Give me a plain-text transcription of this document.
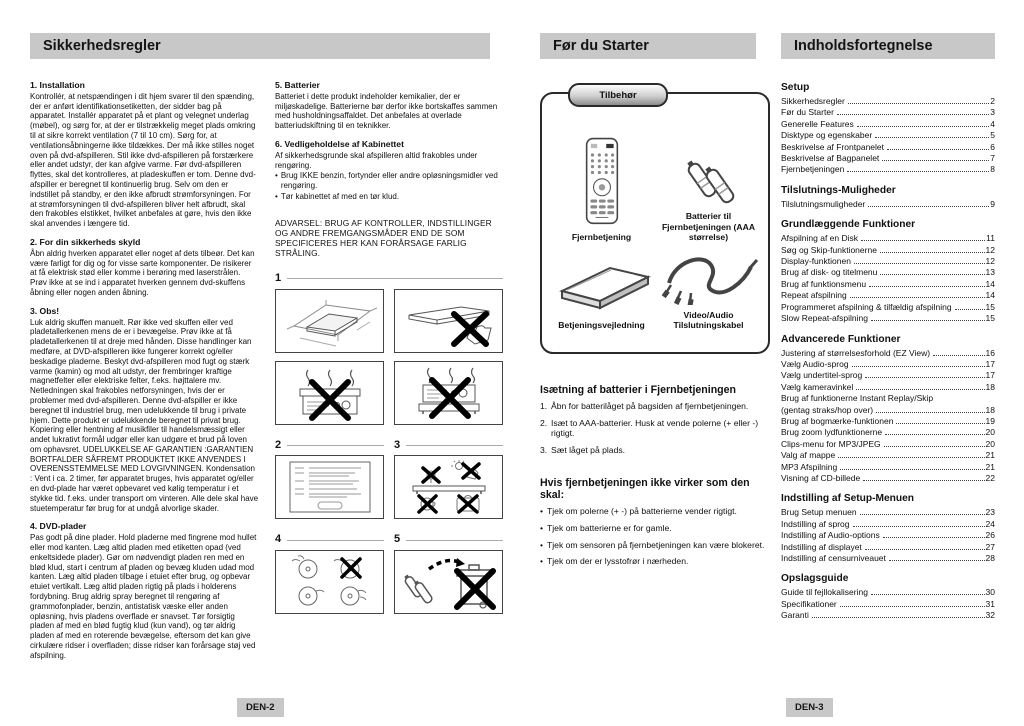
Sikkerhedsregler	Før du Starter	Indholdsfortegnelse
1. Installation
Kontrollér, at netspændingen i dit hjem svarer til den spænding, der er anført identifikationsetiketten, der sidder bag på apparatet. Installér apparatet på et plant og velegnet underlag (møbel), og sørg for, at der er tilstrækkelig meget plads omkring til at sikre korrekt ventilation (7 til 10 cm). Sørg for, at ventilationsåbningerne ikke tildækkes. Der må ikke stilles noget oven på dvd-afspilleren. Stil ikke dvd-afspilleren på forstærkere eller andet udstyr, der kan afgive varme. Før dvd-afspilleren flyttes, skal det kontrolleres, at pladeskuffen er tom. Denne dvd-afspiller er beregnet til kontinuerlig brug. Selv om den er indstillet på standby, er den ikke afbrudt strømforsyningen. For at strømforsyningen til dvd-afspilleren bliver helt afbrudt, skal den frakobles elstikket, hvilket anbefales at gøre, hvis den ikke skal anvendes i længere tid.
2. For din sikkerheds skyld
Åbn aldrig hverken apparatet eller noget af dets tilbeør. Det kan være farligt for dig og for visse sarte komponenter. De risikerer at få elektrisk stød eller komme i berøring med laserstrålen. Prøv ikke at se ind i apparatet hverken gennem dvd-skuffens åbning eller nogen anden åbning.
3. Obs!
Luk aldrig skuffen manuelt. Rør ikke ved skuffen eller ved pladetallerkenen mens de er i bevægelse. Prøv ikke at få pladetallerkenen til at dreje med hånden. Disse handlinger kan medføre, at DVD-afspilleren ikke fungerer korrekt og/eller beskadige pladerne. Beskyt dvd-afspilleren mod fugt og stærk varme (kamin) og mod alt udstyr, der frembringer kraftige magnetfelter eller elektriske felter, f.eks. højttalere mv. Netledningen skal frakobles netforsyningen, hvis der er problemer med dvd-afspilleren. Denne dvd-afspiller er ikke beregnet til industriel brug, men udelukkende til brug i private hjem. Dette produkt er udelukkende beregnet til privat brug. Kopiering eller hentning af musikfiler til handelsmæssigt eller andet lukrativt formål udgør eller kan udgøre et brud på loven om ophavsret. UDELUKKELSE AF GARANTIEN :GARANTIEN BORTFALDER SÅFREMT PRODUKTET IKKE ANVENDES I OVERENSSTEMMELSE MED LOVGIVNINGEN. Kondensation : Vent i ca. 2 timer, før apparatet bruges, hvis apparatet og/eller en dvd-plade har været opbevaret ved kølig temperatur i et stykke tid. f.eks. under transport om vinteren. Alle dele skal have stuetemperatur før brug for at undgå alvorlige skader.
4. DVD-plader
Pas godt på dine plader. Hold pladerne med fingrene mod hullet eller mod kanten. Læg altid pladen med etiketten opad (ved enkeltsidede plader). Gør om nødvendigt pladen ren med en blød klud, start i centrum af pladen og bevæg kluden udad mod kanten. Læg altid pladen tilbage i etuiet efter brug, og opbevar etuiet vertikalt. Læg altid pladen rigtig på plads i holderens fordybning. Brug aldrig spray beregnet til rengøring af grammofonplader, benzin, antistatisk væske eller anden opløsning, hvis pladens overflade er snavset. Tør forsigtig pladen af med en blød fugtig klud (kun vand), og tør aldrig pladen af med en roterende bevægelse, eftersom det kan give cirkulære ridser i overfladen; disse ridser kan forårsage støj ved afspilning.
5. Batterier
Batteriet i dette produkt indeholder kemikalier, der er miljøskadelige. Batterierne bør derfor ikke bortskaffes sammen med husholdningsaffaldet. Det anbefales at overlade batteriudskiftning til en teknikker.
6. Vedligeholdelse af Kabinettet
Af sikkerhedsgrunde skal afspilleren altid frakobles under rengøring.
• Brug IKKE benzin, fortynder eller andre opløsningsmidler ved rengøring.
• Tør kabinettet af med en tør klud.
ADVARSEL: BRUG AF KONTROLLER, INDSTILLINGER OG ANDRE FREMGANGSMÅDER END DE SOM SPECIFICERES HER KAN FORÅRSAGE FARLIG STRÅLING.
1
2	3
4	5
Tilbehør
Fjernbetjening
Batterier til Fjernbetjeningen (AAA størrelse)
Betjeningsvejledning
Video/Audio Tilslutningskabel
Isætning af batterier i Fjernbetjeningen
1. Åbn for batterilåget på bagsiden af fjernbetjeningen.
2. Isæt to AAA-batterier. Husk at vende polerne (+ eller -) rigtigt.
3. Sæt låget på plads.
Hvis fjernbetjeningen ikke virker som den skal:
• Tjek om polerne (+ -) på batterierne vender rigtigt.
• Tjek om batterierne er for gamle.
• Tjek om sensoren på fjernbetjeningen kan være blokeret.
• Tjek om der er lysstofrør i nærheden.
Setup
Sikkerhedsregler	2
Før du Starter	3
Generelle Features	4
Disktype og egenskaber	5
Beskrivelse af Frontpanelet	6
Beskrivelse af Bagpanelet	7
Fjernbetjeningen	8
Tilslutnings-Muligheder
Tilslutningsmuligheder	9
Grundlæggende Funktioner
Afspilning af en Disk	11
Søg og Skip-funktionerne	12
Display-funktionen	12
Brug af disk- og titelmenu	13
Brug af funktionsmenu	14
Repeat afspilning	14
Programmeret afspilning & tilfældig afspilning	15
Slow Repeat-afspilning	15
Advancerede Funktioner
Justering af størrelsesforhold (EZ View)	16
Vælg Audio-sprog	17
Vælg undertitel-sprog	17
Vælg kameravinkel	18
Brug af funktionerne Instant Replay/Skip
(gentag straks/hop over)	18
Brug af bogmærke-funktionen	19
Brug zoom lydfunktionerne	20
Clips-menu for MP3/JPEG	20
Valg af mappe	21
MP3 Afspilning	21
Visning af CD-billede	22
Indstilling af Setup-Menuen
Brug Setup menuen	23
Indstilling af sprog	24
Indstilling af Audio-options	26
Indstilling af displayet	27
Indstilling af censurniveauet	28
Opslagsguide
Guide til fejllokalisering	30
Specifikationer	31
Garanti	32
DEN-2	DEN-3
